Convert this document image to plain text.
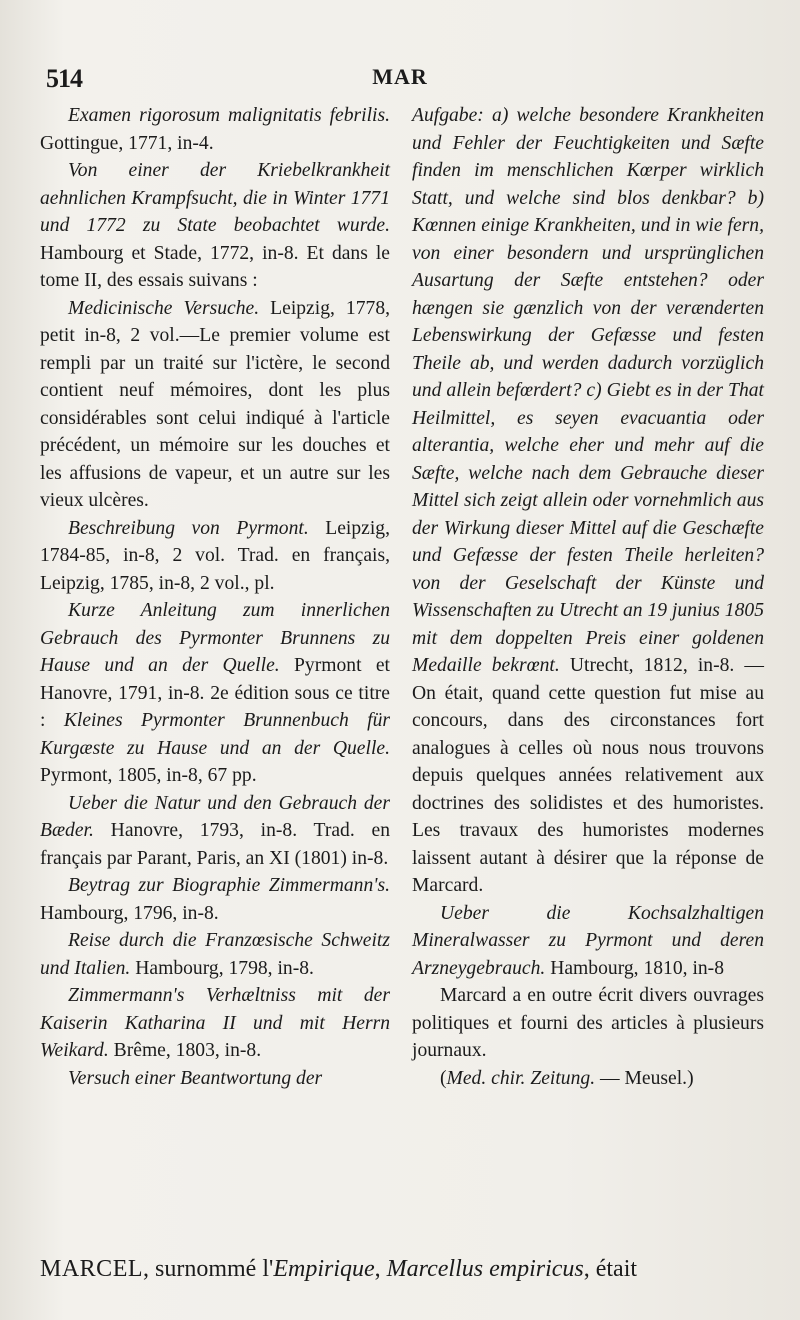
514	MAR

Examen rigorosum malignitatis febrilis. Gottingue, 1771, in-4.

Von einer der Kriebelkrankheit aehnlichen Krampfsucht, die in Winter 1771 und 1772 zu State beobachtet wurde. Hambourg et Stade, 1772, in-8. Et dans le tome II, des essais suivans :

Medicinische Versuche. Leipzig, 1778, petit in-8, 2 vol.—Le premier volume est rempli par un traité sur l'ictère, le second contient neuf mémoires, dont les plus considérables sont celui indiqué à l'article précédent, un mémoire sur les douches et les affusions de vapeur, et un autre sur les vieux ulcères.

Beschreibung von Pyrmont. Leipzig, 1784-85, in-8, 2 vol. Trad. en français, Leipzig, 1785, in-8, 2 vol., pl.

Kurze Anleitung zum innerlichen Gebrauch des Pyrmonter Brunnens zu Hause und an der Quelle. Pyrmont et Hanovre, 1791, in-8. 2e édition sous ce titre : Kleines Pyrmonter Brunnenbuch für Kurgæste zu Hause und an der Quelle. Pyrmont, 1805, in-8, 67 pp.

Ueber die Natur und den Gebrauch der Bæder. Hanovre, 1793, in-8. Trad. en français par Parant, Paris, an XI (1801) in-8.

Beytrag zur Biographie Zimmermann's. Hambourg, 1796, in-8.

Reise durch die Franzœsische Schweitz und Italien. Hambourg, 1798, in-8.

Zimmermann's Verhæltniss mit der Kaiserin Katharina II und mit Herrn Weikard. Brême, 1803, in-8.

Versuch einer Beantwortung der

Aufgabe: a) welche besondere Krankheiten und Fehler der Feuchtigkeiten und Sæfte finden im menschlichen Kœrper wirklich Statt, und welche sind blos denkbar? b) Kœnnen einige Krankheiten, und in wie fern, von einer besondern und ursprünglichen Ausartung der Sæfte entstehen? oder hængen sie gænzlich von der verænderten Lebenswirkung der Gefæsse und festen Theile ab, und werden dadurch vorzüglich und allein befœrdert? c) Giebt es in der That Heilmittel, es seyen evacuantia oder alterantia, welche eher und mehr auf die Sæfte, welche nach dem Gebrauche dieser Mittel sich zeigt allein oder vornehmlich aus der Wirkung dieser Mittel auf die Geschæfte und Gefæsse der festen Theile herleiten? von der Geselschaft der Künste und Wissenschaften zu Utrecht an 19 junius 1805 mit dem doppelten Preis einer goldenen Medaille bekrœnt. Utrecht, 1812, in-8. — On était, quand cette question fut mise au concours, dans des circonstances fort analogues à celles où nous nous trouvons depuis quelques années relativement aux doctrines des solidistes et des humoristes. Les travaux des humoristes modernes laissent autant à désirer que la réponse de Marcard.

Ueber die Kochsalzhaltigen Mineralwasser zu Pyrmont und deren Arzneygebrauch. Hambourg, 1810, in-8

Marcard a en outre écrit divers ouvrages politiques et fourni des articles à plusieurs journaux.

(Med. chir. Zeitung. — Meusel.)

MARCEL, surnommé l'Empirique, Marcellus empiricus, était
